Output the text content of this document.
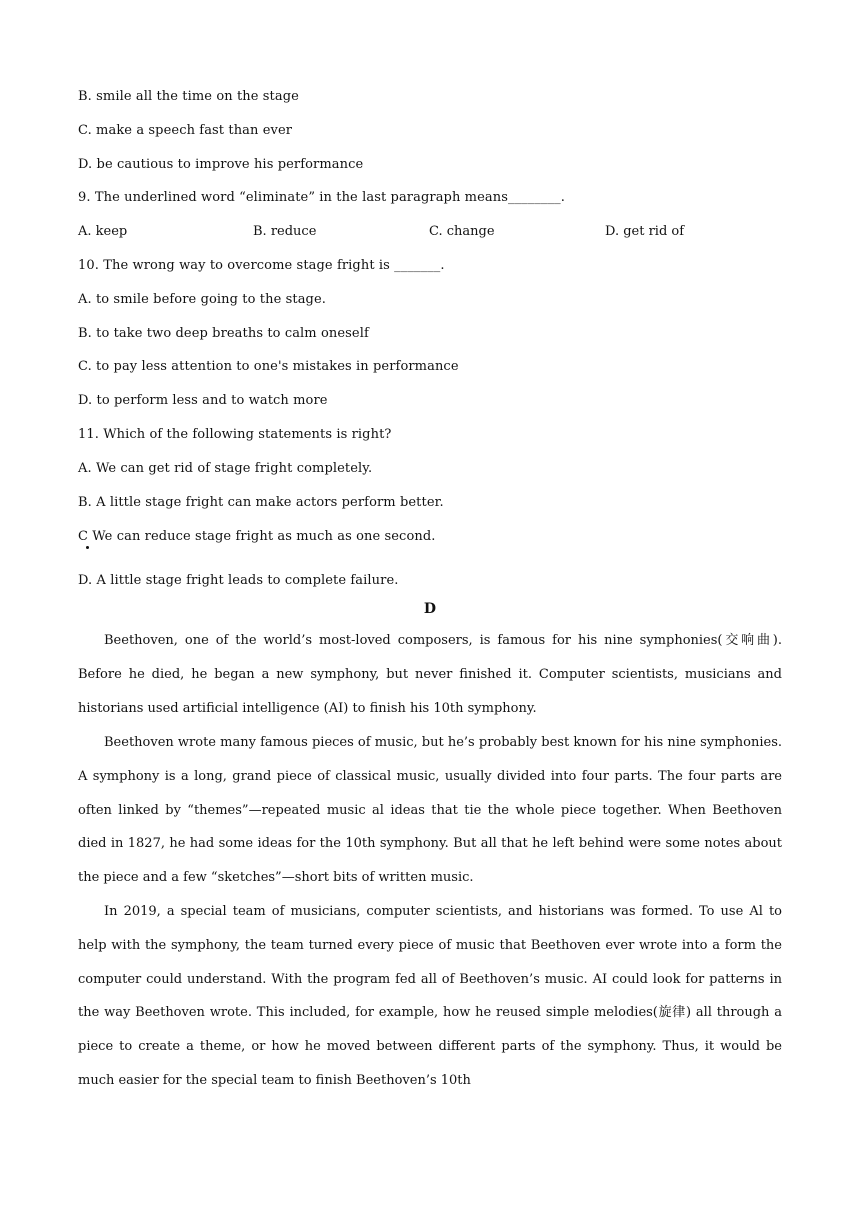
B. smile all the time on the stage
C. make a speech fast than ever
D. be cautious to improve his performance
9. The underlined word “eliminate” in the last paragraph means________.
A. keep	B. reduce	C. change	D. get rid of
10. The wrong way to overcome stage fright is _______.
A. to smile before going to the stage.
B. to take two deep breaths to calm oneself
C. to pay less attention to one's mistakes in performance
D. to perform less and to watch more
11. Which of the following statements is right?
A. We can get rid of stage fright completely.
B. A little stage fright can make actors perform better.
C We can reduce stage fright as much as one second.
D. A little stage fright leads to complete failure.
D

Beethoven, one of the world’s most-loved composers, is famous for his nine symphonies(交响曲). Before he died, he began a new symphony, but never finished it. Computer scientists, musicians and historians used artificial intelligence (AI) to finish his 10th symphony.

Beethoven wrote many famous pieces of music, but he’s probably best known for his nine symphonies. A symphony is a long, grand piece of classical music, usually divided into four parts. The four parts are often linked by “themes”—repeated music al ideas that tie the whole piece together. When Beethoven died in 1827, he had some ideas for the 10th symphony. But all that he left behind were some notes about the piece and a few “sketches”—short bits of written music.

In 2019, a special team of musicians, computer scientists, and historians was formed. To use Al to help with the symphony, the team turned every piece of music that Beethoven ever wrote into a form the computer could understand. With the program fed all of Beethoven’s music. AI could look for patterns in the way Beethoven wrote. This included, for example, how he reused simple melodies(旋律) all through a piece to create a theme, or how he moved between different parts of the symphony. Thus, it would be much easier for the special team to finish Beethoven’s 10th
